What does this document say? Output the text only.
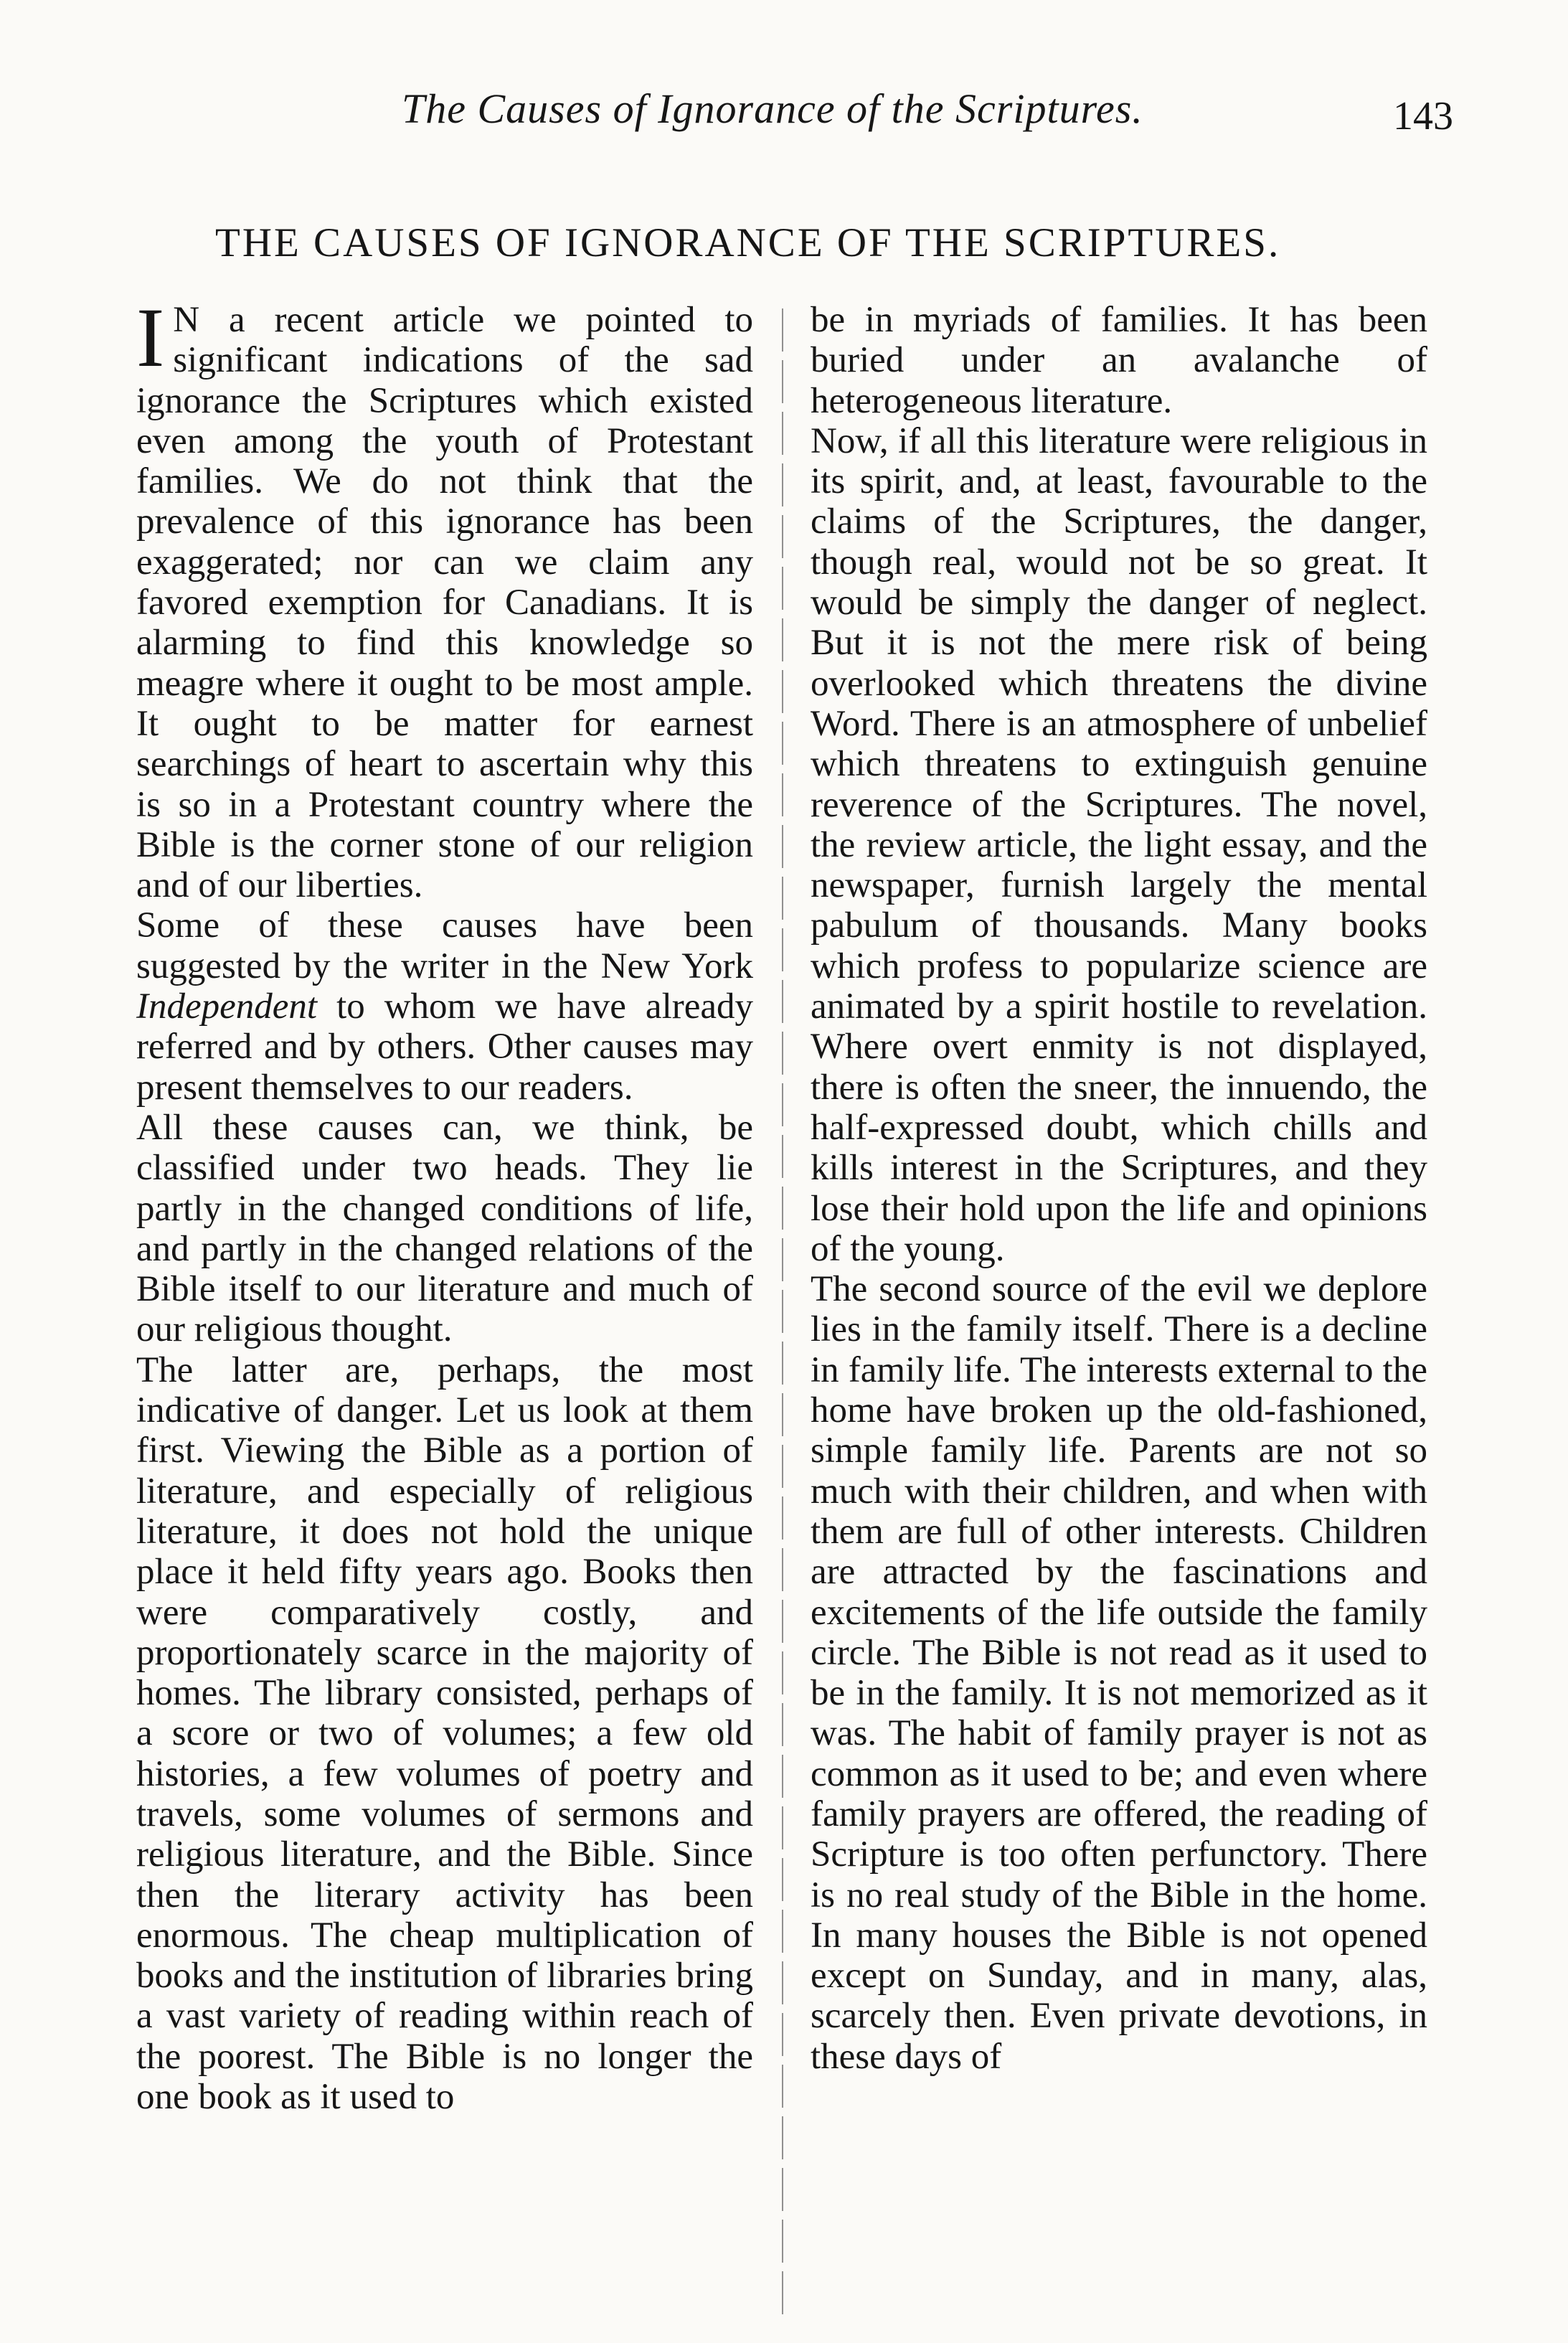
The Causes of Ignorance of the Scriptures.	143
THE CAUSES OF IGNORANCE OF THE SCRIPTURES.

I N a recent article we pointed to significant indications of the sad ignorance the Scriptures which existed even among the youth of Protestant families. We do not think that the prevalence of this ignorance has been exaggerated; nor can we claim any favored exemption for Canadians. It is alarming to find this knowledge so meagre where it ought to be most ample. It ought to be matter for earnest searchings of heart to ascertain why this is so in a Protestant country where the Bible is the corner stone of our religion and of our liberties.

Some of these causes have been suggested by the writer in the New York Independent to whom we have already referred and by others. Other causes may present themselves to our readers.

All these causes can, we think, be classified under two heads. They lie partly in the changed conditions of life, and partly in the changed relations of the Bible itself to our literature and much of our religious thought.

The latter are, perhaps, the most indicative of danger. Let us look at them first. Viewing the Bible as a portion of literature, and especially of religious literature, it does not hold the unique place it held fifty years ago. Books then were comparatively costly, and proportionately scarce in the majority of homes. The library consisted, perhaps of a score or two of volumes; a few old histories, a few volumes of poetry and travels, some volumes of sermons and religious literature, and the Bible. Since then the literary activity has been enormous. The cheap multiplication of books and the institution of libraries bring a vast variety of reading within reach of the poorest. The Bible is no longer the one book as it used to

be in myriads of families. It has been buried under an avalanche of heterogeneous literature.

Now, if all this literature were religious in its spirit, and, at least, favourable to the claims of the Scriptures, the danger, though real, would not be so great. It would be simply the danger of neglect. But it is not the mere risk of being overlooked which threatens the divine Word. There is an atmosphere of unbelief which threatens to extinguish genuine reverence of the Scriptures. The novel, the review article, the light essay, and the newspaper, furnish largely the mental pabulum of thousands. Many books which profess to popularize science are animated by a spirit hostile to revelation. Where overt enmity is not displayed, there is often the sneer, the innuendo, the half-expressed doubt, which chills and kills interest in the Scriptures, and they lose their hold upon the life and opinions of the young.

The second source of the evil we deplore lies in the family itself. There is a decline in family life. The interests external to the home have broken up the old-fashioned, simple family life. Parents are not so much with their children, and when with them are full of other interests. Children are attracted by the fascinations and excitements of the life outside the family circle. The Bible is not read as it used to be in the family. It is not memorized as it was. The habit of family prayer is not as common as it used to be; and even where family prayers are offered, the reading of Scripture is too often perfunctory. There is no real study of the Bible in the home. In many houses the Bible is not opened except on Sunday, and in many, alas, scarcely then. Even private devotions, in these days of
